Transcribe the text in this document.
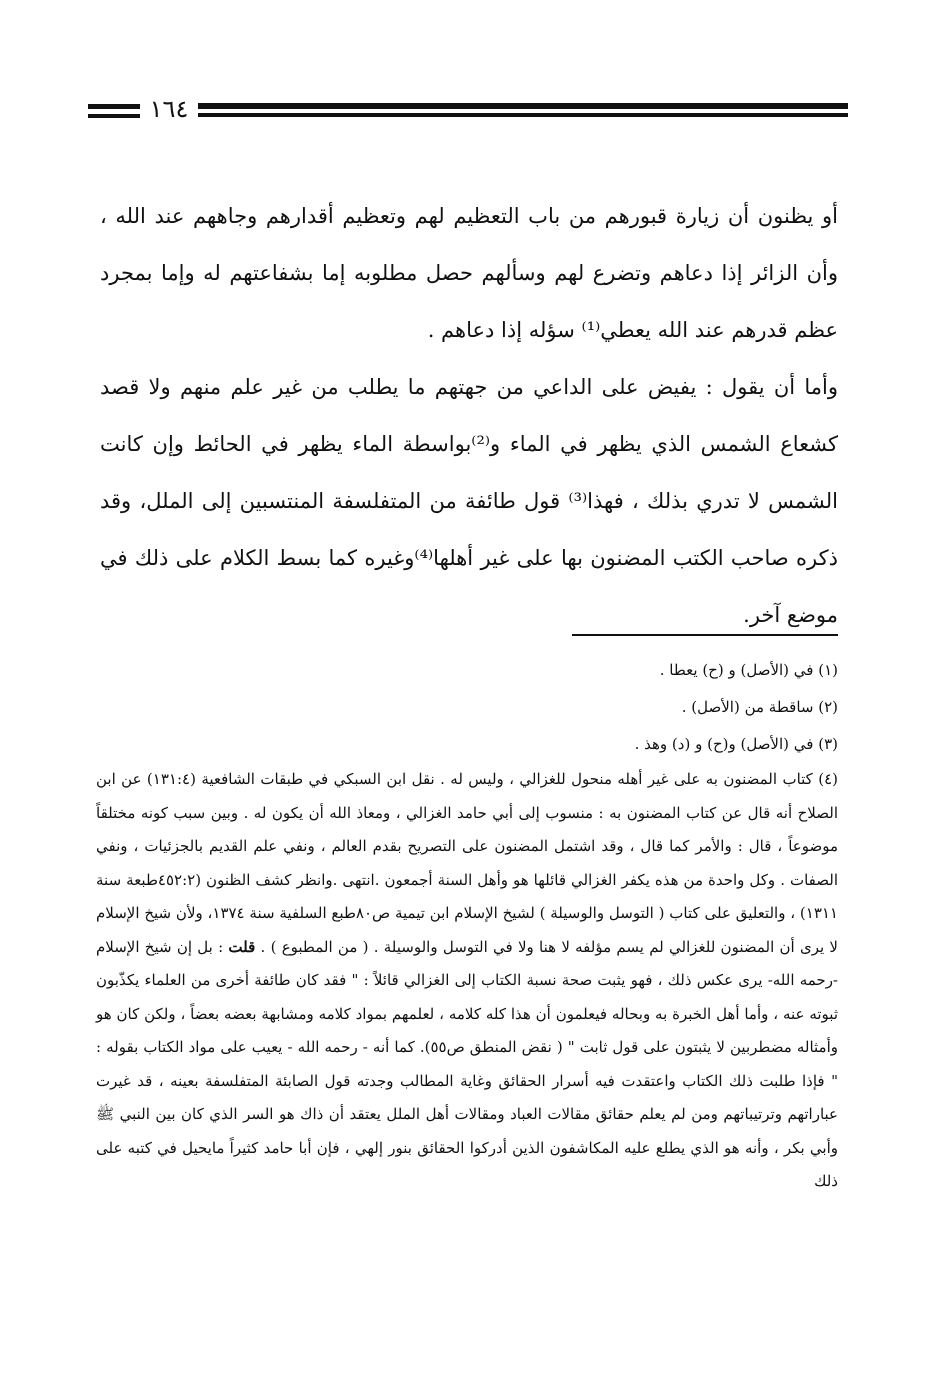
١٦٤

أو يظنون أن زيارة قبورهم من باب التعظيم لهم وتعظيم أقدارهم وجاههم عند الله ، وأن الزائر إذا دعاهم وتضرع لهم وسألهم حصل مطلوبه إما بشفاعتهم له وإما بمجرد عظم قدرهم عند الله يعطي⁽¹⁾ سؤله إذا دعاهم .

وأما أن يقول : يفيض على الداعي من جهتهم ما يطلب من غير علم منهم ولا قصد كشعاع الشمس الذي يظهر في الماء و⁽²⁾بواسطة الماء يظهر في الحائط وإن كانت الشمس لا تدري بذلك ، فهذا⁽³⁾ قول طائفة من المتفلسفة المنتسبين إلى الملل، وقد ذكره صاحب الكتب المضنون بها على غير أهلها⁽⁴⁾وغيره كما بسط الكلام على ذلك في موضع آخر.

(١) في (الأصل) و (ح) يعطا .

(٢) ساقطة من (الأصل) .

(٣) في (الأصل) و(ح) و (د) وهذ .

(٤) كتاب المضنون به على غير أهله منحول للغزالي ، وليس له . نقل ابن السبكي في طبقات الشافعية (١٣١:٤) عن ابن الصلاح أنه قال عن كتاب المضنون به : منسوب إلى أبي حامد الغزالي ، ومعاذ الله أن يكون له . وبين سبب كونه مختلقاً موضوعاً ، قال : والأمر كما قال ، وقد اشتمل المضنون على التصريح بقدم العالم ، ونفي علم القديم بالجزئيات ، ونفي الصفات . وكل واحدة من هذه يكفر الغزالي قائلها هو وأهل السنة أجمعون .انتهى .وانظر كشف الظنون (٤٥٢:٢طبعة سنة ١٣١١) ، والتعليق على كتاب ( التوسل والوسيلة ) لشيخ الإسلام ابن تيمية ص٨٠طبع السلفية سنة ١٣٧٤، ولأن شيخ الإسلام لا يرى أن المضنون للغزالي لم يسم مؤلفه لا هنا ولا في التوسل والوسيلة . ( من المطبوع ) . قلت : بل إن شيخ الإسلام -رحمه الله- يرى عكس ذلك ، فهو يثبت صحة نسبة الكتاب إلى الغزالي قائلاً : " فقد كان طائفة أخرى من العلماء يكذّبون ثبوته عنه ، وأما أهل الخبرة به وبحاله فيعلمون أن هذا كله كلامه ، لعلمهم بمواد كلامه ومشابهة بعضه بعضاً ، ولكن كان هو وأمثاله مضطربين لا يثبتون على قول ثابت " ( نقض المنطق ص٥٥). كما أنه - رحمه الله - يعيب على مواد الكتاب بقوله : " فإذا طلبت ذلك الكتاب واعتقدت فيه أسرار الحقائق وغاية المطالب وجدته قول الصابئة المتفلسفة بعينه ، قد غيرت عباراتهم وترتيباتهم ومن لم يعلم حقائق مقالات العباد ومقالات أهل الملل يعتقد أن ذاك هو السر الذي كان بين النبي ﷺ وأبي بكر ، وأنه هو الذي يطلع عليه المكاشفون الذين أدركوا الحقائق بنور إلهي ، فإن أبا حامد كثيراً مايحيل في كتبه على ذلك
